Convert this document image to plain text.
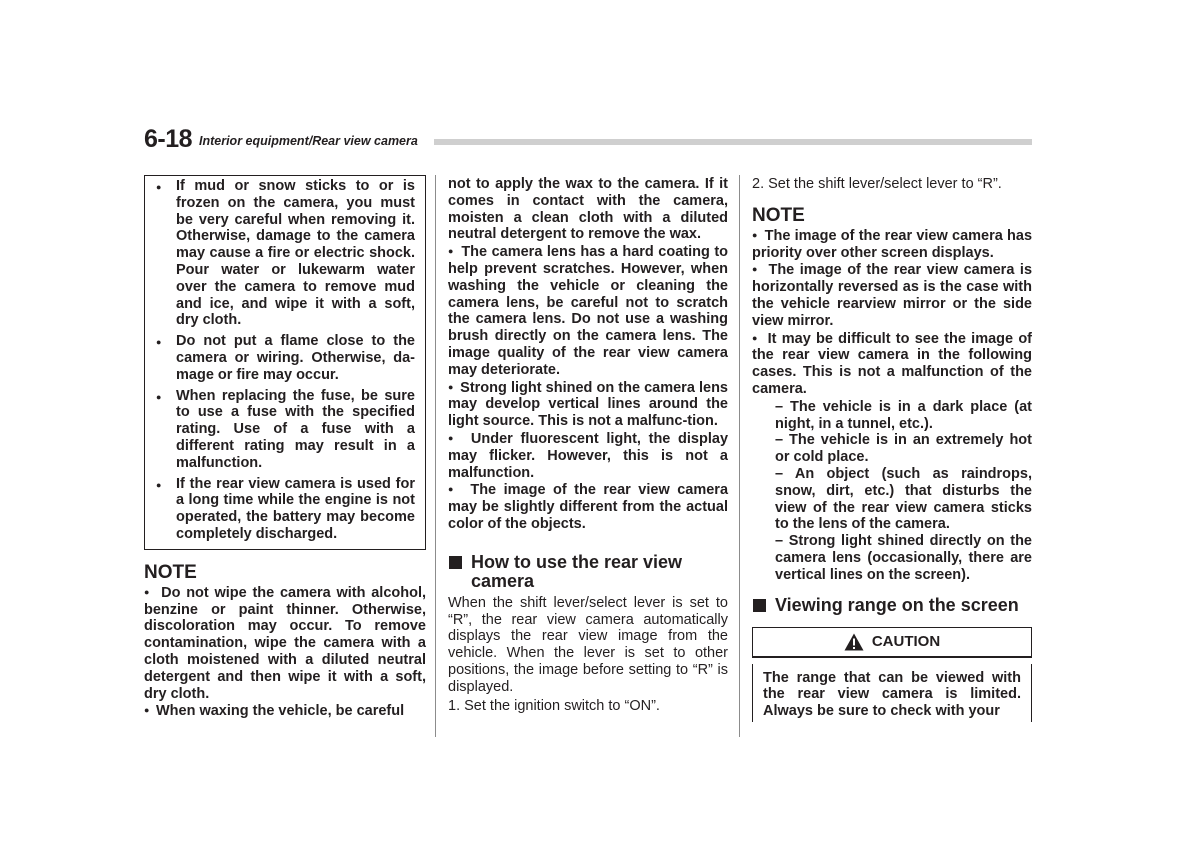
6-18 Interior equipment/Rear view camera

● If mud or snow sticks to or is frozen on the camera, you must be very careful when removing it. Otherwise, damage to the camera may cause a fire or electric shock. Pour water or lukewarm water over the camera to remove mud and ice, and wipe it with a soft, dry cloth.

● Do not put a flame close to the camera or wiring. Otherwise, da-mage or fire may occur.

● When replacing the fuse, be sure to use a fuse with the specified rating. Use of a fuse with a different rating may result in a malfunction.

● If the rear view camera is used for a long time while the engine is not operated, the battery may become completely discharged.

NOTE

●  Do not wipe the camera with alcohol, benzine or paint thinner. Otherwise, discoloration may occur. To remove contamination, wipe the camera with a cloth moistened with a diluted neutral detergent and then wipe it with a soft, dry cloth.

●  When waxing the vehicle, be careful

not to apply the wax to the camera. If it comes in contact with the camera, moisten a clean cloth with a diluted neutral detergent to remove the wax.

●  The camera lens has a hard coating to help prevent scratches. However, when washing the vehicle or cleaning the camera lens, be careful not to scratch the camera lens. Do not use a washing brush directly on the camera lens. The image quality of the rear view camera may deteriorate.

●  Strong light shined on the camera lens may develop vertical lines around the light source. This is not a malfunc-tion.

●  Under fluorescent light, the display may flicker. However, this is not a malfunction.

●  The image of the rear view camera may be slightly different from the actual color of the objects.

How to use the rear view camera

When the shift lever/select lever is set to “R”, the rear view camera automatically displays the rear view image from the vehicle. When the lever is set to other positions, the image before setting to “R” is displayed.

1. Set the ignition switch to “ON”.

2. Set the shift lever/select lever to “R”.

NOTE

●  The image of the rear view camera has priority over other screen displays.

●  The image of the rear view camera is horizontally reversed as is the case with the vehicle rearview mirror or the side view mirror.

●  It may be difficult to see the image of the rear view camera in the following cases. This is not a malfunction of the camera.

– The vehicle is in a dark place (at night, in a tunnel, etc.).

– The vehicle is in an extremely hot or cold place.

– An object (such as raindrops, snow, dirt, etc.) that disturbs the view of the rear view camera sticks to the lens of the camera.

– Strong light shined directly on the camera lens (occasionally, there are vertical lines on the screen).

Viewing range on the screen

CAUTION
The range that can be viewed with the rear view camera is limited. Always be sure to check with your
